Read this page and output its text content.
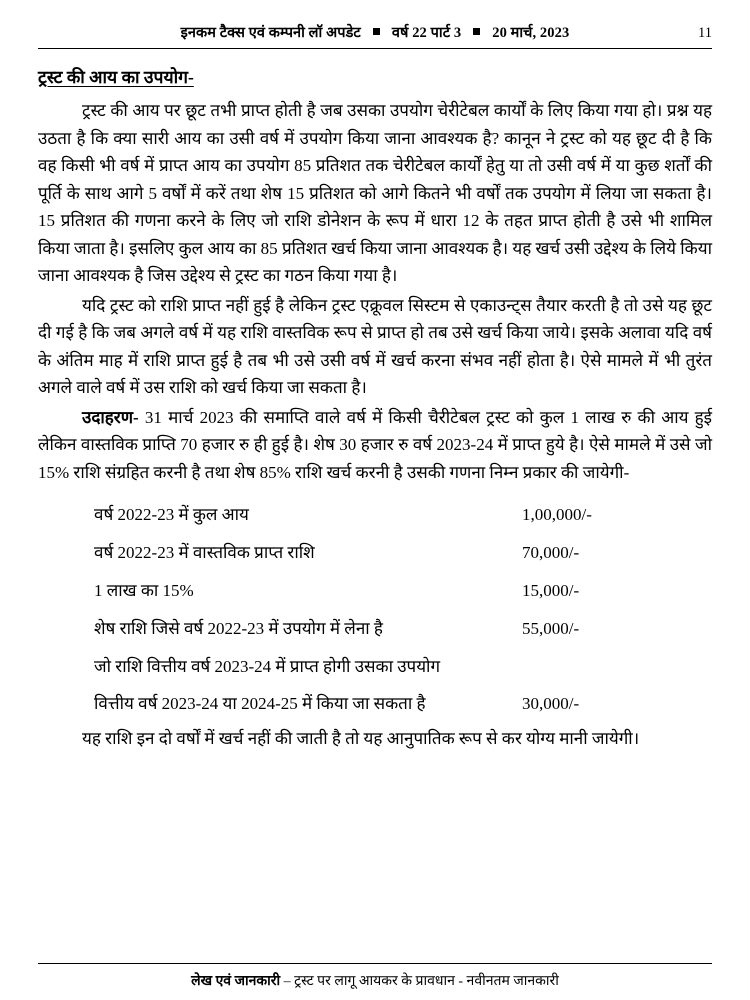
इनकम टैक्स एवं कम्पनी लॉ अपडेट वर्ष 22 पार्ट 3 20 मार्च, 2023	11
ट्रस्ट की आय का उपयोग-

ट्रस्ट की आय पर छूट तभी प्राप्त होती है जब उसका उपयोग चेरीटेबल कार्यों के लिए किया गया हो। प्रश्न यह उठता है कि क्या सारी आय का उसी वर्ष में उपयोग किया जाना आवश्यक है? कानून ने ट्रस्ट को यह छूट दी है कि वह किसी भी वर्ष में प्राप्त आय का उपयोग 85 प्रतिशत तक चेरीटेबल कार्यों हेतु या तो उसी वर्ष में या कुछ शर्तों की पूर्ति के साथ आगे 5 वर्षों में करें तथा शेष 15 प्रतिशत को आगे कितने भी वर्षों तक उपयोग में लिया जा सकता है। 15 प्रतिशत की गणना करने के लिए जो राशि डोनेशन के रूप में धारा 12 के तहत प्राप्त होती है उसे भी शामिल किया जाता है। इसलिए कुल आय का 85 प्रतिशत खर्च किया जाना आवश्यक है। यह खर्च उसी उद्देश्य के लिये किया जाना आवश्यक है जिस उद्देश्य से ट्रस्ट का गठन किया गया है।

यदि ट्रस्ट को राशि प्राप्त नहीं हुई है लेकिन ट्रस्ट एक्रूवल सिस्टम से एकाउन्ट्स तैयार करती है तो उसे यह छूट दी गई है कि जब अगले वर्ष में यह राशि वास्तविक रूप से प्राप्त हो तब उसे खर्च किया जाये। इसके अलावा यदि वर्ष के अंतिम माह में राशि प्राप्त हुई है तब भी उसे उसी वर्ष में खर्च करना संभव नहीं होता है। ऐसे मामले में भी तुरंत अगले वाले वर्ष में उस राशि को खर्च किया जा सकता है।

उदाहरण- 31 मार्च 2023 की समाप्ति वाले वर्ष में किसी चैरीटेबल ट्रस्ट को कुल 1 लाख रु की आय हुई लेकिन वास्तविक प्राप्ति 70 हजार रु ही हुई है। शेष 30 हजार रु वर्ष 2023-24 में प्राप्त हुये है। ऐसे मामले में उसे जो 15% राशि संग्रहित करनी है तथा शेष 85% राशि खर्च करनी है उसकी गणना निम्न प्रकार की जायेगी-

वर्ष 2022-23 में कुल आय	1,00,000/-
वर्ष 2022-23 में वास्तविक प्राप्त राशि	70,000/-
1 लाख का 15%	15,000/-
शेष राशि जिसे वर्ष 2022-23 में उपयोग में लेना है	55,000/-
जो राशि वित्तीय वर्ष 2023-24 में प्राप्त होगी उसका उपयोग	
वित्तीय वर्ष 2023-24 या 2024-25 में किया जा सकता है	30,000/-

यह राशि इन दो वर्षों में खर्च नहीं की जाती है तो यह आनुपातिक रूप से कर योग्य मानी जायेगी।

लेख एवं जानकारी – ट्रस्ट पर लागू आयकर के प्रावधान - नवीनतम जानकारी
